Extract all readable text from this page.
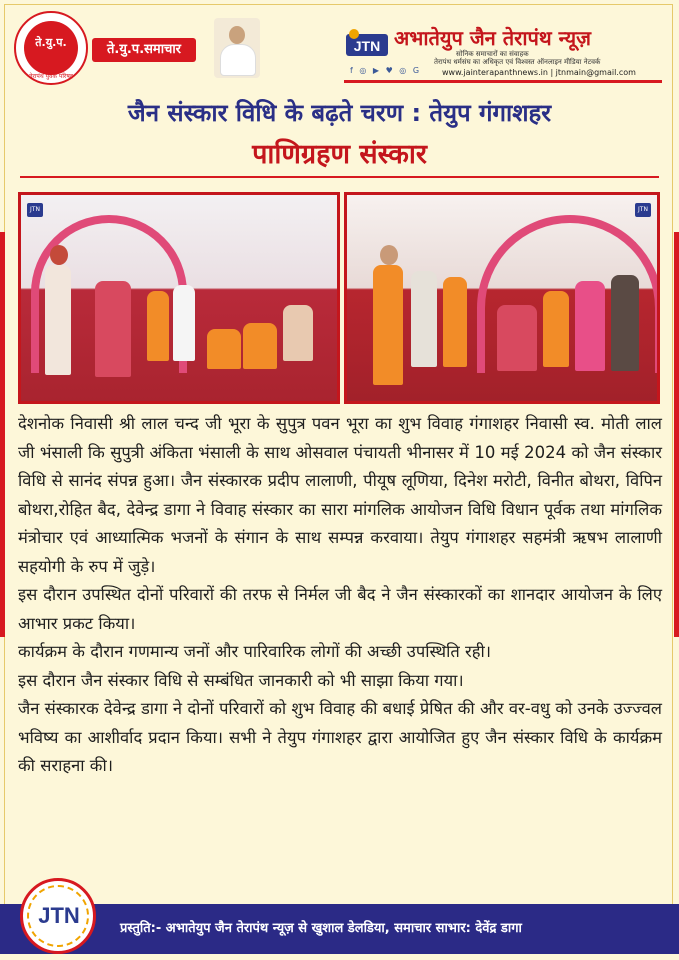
ते.यु.प.
तेरापंथ युवक परिषद
ते.यु.प.समाचार	JTN अभातेयुप जैन तेरापंथ न्यूज़
सोनिक समाचारों का संवाहक
तेरापंथ धर्मसंघ का अधिकृत एवं विश्वस्त ऑनलाइन मीडिया नेटवर्क
f ◎ ▶ ♥ ◎ G	www.jainterapanthnews.in | jtnmain@gmail.com
जैन संस्कार विधि के बढ़ते चरण : तेयुप गंगाशहर
पाणिग्रहण संस्कार
JTN	JTN

देशनोक निवासी श्री लाल चन्द जी भूरा के सुपुत्र पवन भूरा का शुभ विवाह गंगाशहर निवासी स्व. मोती लाल जी भंसाली कि सुपुत्री अंकिता भंसाली के साथ ओसवाल पंचायती भीनासर में 10 मई 2024 को जैन संस्कार विधि से सानंद संपन्न हुआ। जैन संस्कारक प्रदीप लालाणी, पीयूष लूणिया, दिनेश मरोटी, विनीत बोथरा, विपिन बोथरा,रोहित बैद, देवेन्द्र डागा ने विवाह संस्कार का सारा मांगलिक आयोजन विधि विधान पूर्वक तथा मांगलिक मंत्रोचार एवं आध्यात्मिक भजनों के संगान के साथ सम्पन्न करवाया। तेयुप गंगाशहर सहमंत्री ऋषभ लालाणी सहयोगी के रुप में जुड़े।

इस दौरान उपस्थित दोनों परिवारों की तरफ से निर्मल जी बैद ने जैन संस्कारकों का शानदार आयोजन के लिए आभार प्रकट किया।

कार्यक्रम के दौरान गणमान्य जनों और पारिवारिक लोगों की अच्छी उपस्थिति रही।

इस दौरान जैन संस्कार विधि से सम्बंधित जानकारी को भी साझा किया गया।

जैन संस्कारक देवेन्द्र डागा ने दोनों परिवारों को शुभ विवाह की बधाई प्रेषित की और वर-वधु को उनके उज्ज्वल भविष्य का आशीर्वाद प्रदान किया। सभी ने तेयुप गंगाशहर द्वारा आयोजित हुए जैन संस्कार विधि के कार्यक्रम की सराहना की।

प्रस्तुति:- अभातेयुप जैन तेरापंथ न्यूज़ से खुशाल डेलडिया, समाचार साभार: देवेंद्र डागा
JTN
